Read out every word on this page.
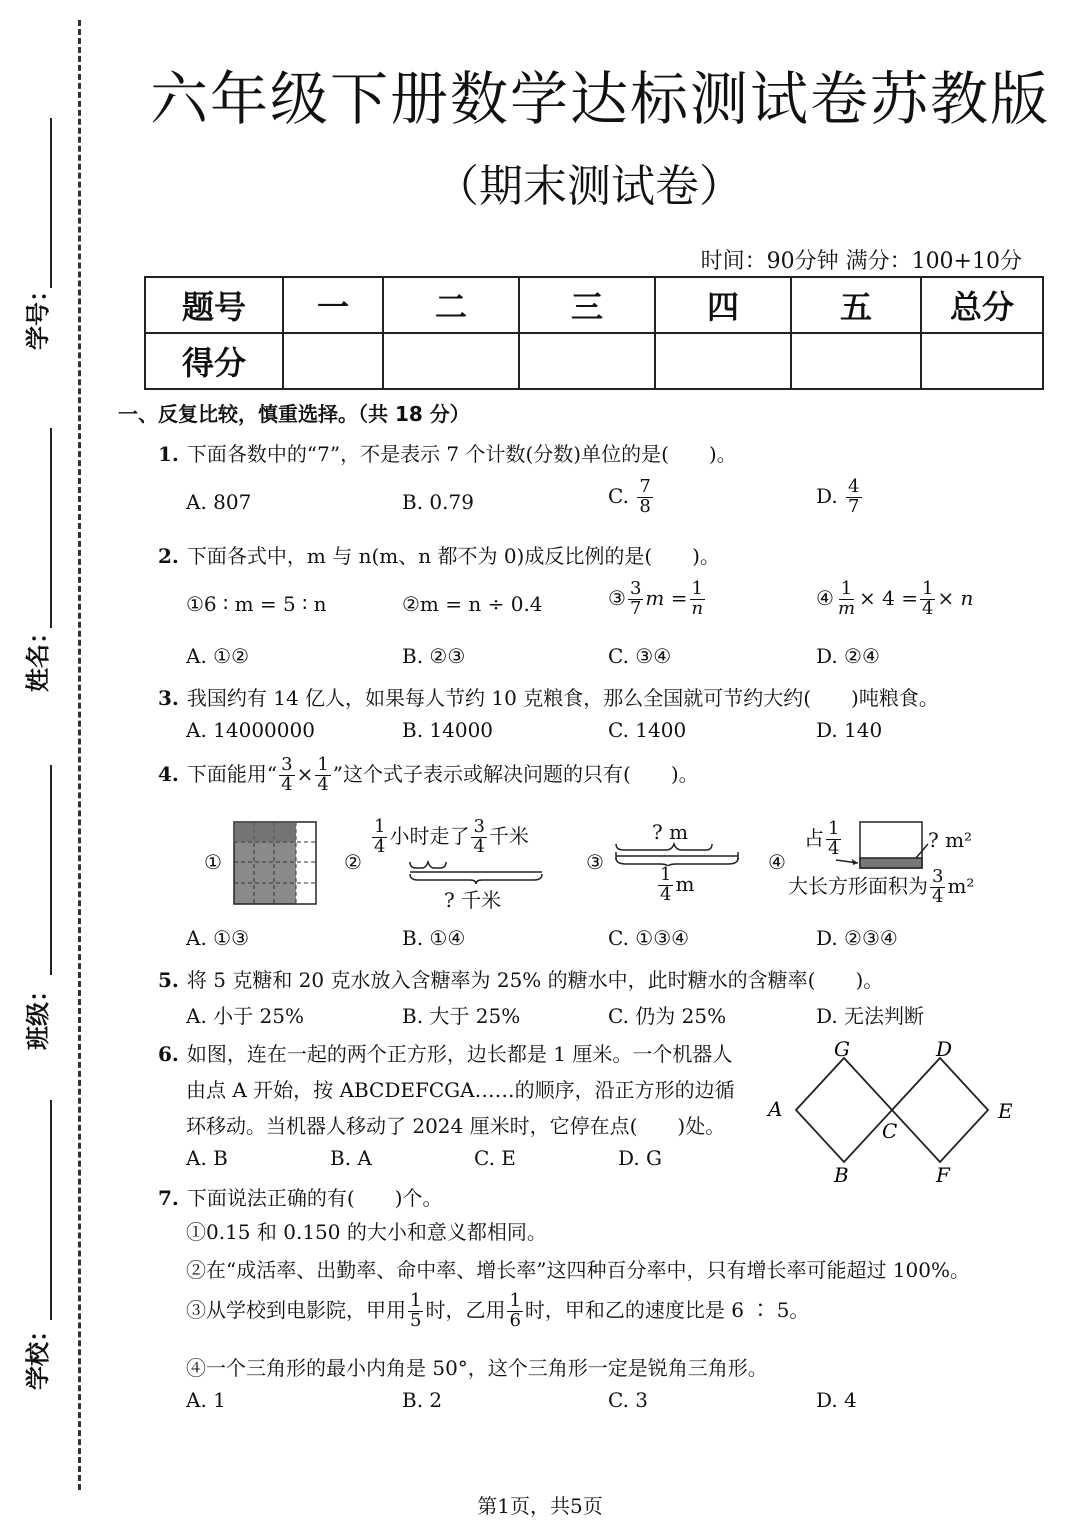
学号：
姓名：
班级：
学校：
六年级下册数学达标测试卷苏教版
（期末测试卷）
时间：90分钟 满分：100+10分
题号	一	二	三	四	五	总分
得分						
一、反复比较，慎重选择。（共 18 分）
1. 下面各数中的“7”，不是表示 7 个计数(分数)单位的是(　　)。
A. 807	B. 0.79	C. $\frac{7}{8}$	D. $\frac{4}{7}$
2. 下面各式中，m 与 n(m、n 都不为 0)成反比例的是(　　)。
①6 ∶ m = 5 ∶ n	②m = n ÷ 0.4	③ $\frac{3}{7}$ $m = \frac{1}{n}$	④ $\frac{1}{m} \times 4 = \frac{1}{4} \times n$
A. ①②	B. ②③	C. ③④	D. ②④
3. 我国约有 14 亿人，如果每人节约 10 克粮食，那么全国就可节约大约(　　)吨粮食。
A. 14000000	B. 14000	C. 1400	D. 140
4. 下面能用“ $\frac{3}{4} \times \frac{1}{4}$ ”这个式子表示或解决问题的只有(　　)。
①	②
$\frac{1}{4}$ 小时走了 $\frac{3}{4}$ 千米
? 千米
③
? m
$\frac{1}{4}$ m
④
占 $\frac{1}{4}$	? m²
大长方形面积为 $\frac{3}{4} m^2$
A. ①③	B. ①④	C. ①③④	D. ②③④
5. 将 5 克糖和 20 克水放入含糖率为 25% 的糖水中，此时糖水的含糖率(　　)。
A. 小于 25%	B. 大于 25%	C. 仍为 25%	D. 无法判断
6. 如图，连在一起的两个正方形，边长都是 1 厘米。一个机器人
由点 A 开始，按 ABCDEFCGA……的顺序，沿正方形的边循
环移动。当机器人移动了 2024 厘米时，它停在点(　　)处。
A. B	B. A	C. E	D. G
G	D
A
C
E
B	F
7. 下面说法正确的有(　　)个。
①0.15 和 0.150 的大小和意义都相同。
②在“成活率、出勤率、命中率、增长率”这四种百分率中，只有增长率可能超过 100%。
③从学校到电影院，甲用 $\frac{1}{5}$ 时，乙用 $\frac{1}{6}$ 时，甲和乙的速度比是 6 ∶ 5。
④一个三角形的最小内角是 50°，这个三角形一定是锐角三角形。
A. 1	B. 2	C. 3	D. 4
第1页，共5页
